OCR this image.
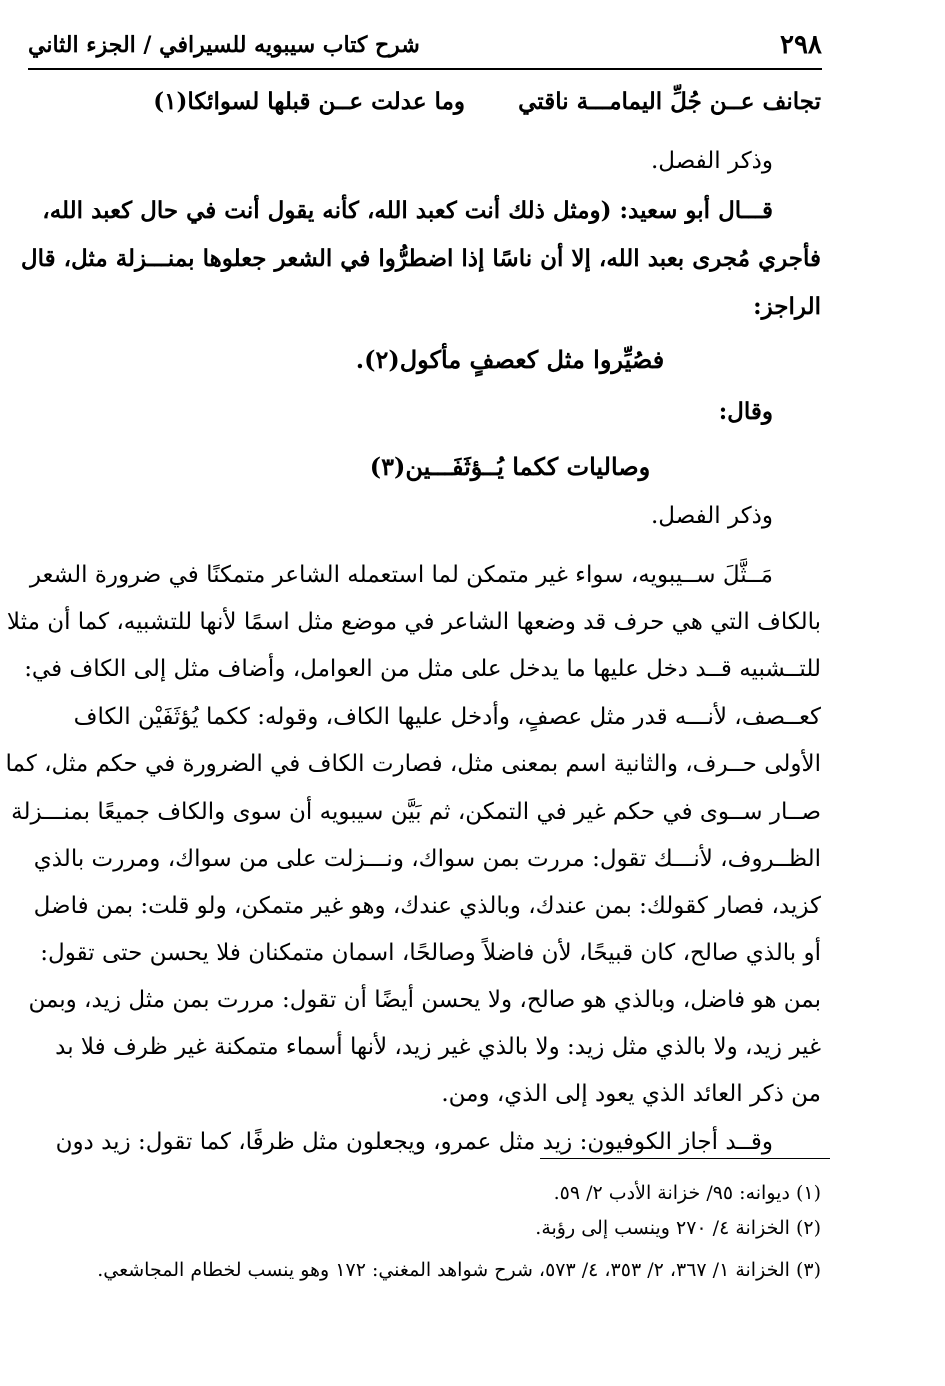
٢٩٨
شرح كتاب سيبويه للسيرافي / الجزء الثاني
تجانف عــن جُلِّ اليمامـــة ناقتي
وما عدلت عــن قبلها لسوائكا(١)
وذكر الفصل.
قـــال أبو سعيد: (ومثل ذلك أنت كعبد الله، كأنه يقول أنت في حال كعبد الله،
فأجري مُجرى بعبد الله، إلا أن ناسًا إذا اضطرُّوا في الشعر جعلوها بمنـــزلة مثل، قال
الراجز:
فصُيِّروا مثل كعصفٍ مأكول(٢).
وقال:
وصاليات ككما يُــؤثَفَـــين(٣)
وذكر الفصل.
مَــثَّلَ ســيبويه، سواء غير متمكن لما استعمله الشاعر متمكنًا في ضرورة الشعر
بالكاف التي هي حرف قد وضعها الشاعر في موضع مثل اسمًا لأنها للتشبيه، كما أن مثلا
للتــشبيه قــد دخل عليها ما يدخل على مثل من العوامل، وأضاف مثل إلى الكاف في:
كعــصف، لأنـــه قدر مثل عصفٍ، وأدخل عليها الكاف، وقوله: ككما يُؤثَفَيْن الكاف
الأولى حــرف، والثانية اسم بمعنى مثل، فصارت الكاف في الضرورة في حكم مثل، كما
صــار ســوى في حكم غير في التمكن، ثم بَيَّن سيبويه أن سوى والكاف جميعًا بمنـــزلة
الظــروف، لأنـــك تقول: مررت بمن سواك، ونـــزلت على من سواك، ومررت بالذي
كزيد، فصار كقولك: بمن عندك، وبالذي عندك، وهو غير متمكن، ولو قلت: بمن فاضل
أو بالذي صالح، كان قبيحًا، لأن فاضلاً وصالحًا، اسمان متمكنان فلا يحسن حتى تقول:
بمن هو فاضل، وبالذي هو صالح، ولا يحسن أيضًا أن تقول: مررت بمن مثل زيد، وبمن
غير زيد، ولا بالذي مثل زيد: ولا بالذي غير زيد، لأنها أسماء متمكنة غير ظرف فلا بد
من ذكر العائد الذي يعود إلى الذي، ومن.
وقــد أجاز الكوفيون: زيد مثل عمرو، ويجعلون مثل ظرفًا، كما تقول: زيد دون
(١) ديوانه: ٩٥/ خزانة الأدب ٢/ ٥٩.
(٢) الخزانة ٤/ ٢٧٠ وينسب إلى رؤبة.
(٣) الخزانة ١/ ٣٦٧، ٢/ ٣٥٣، ٤/ ٥٧٣، شرح شواهد المغني: ١٧٢ وهو ينسب لخطام المجاشعي.
